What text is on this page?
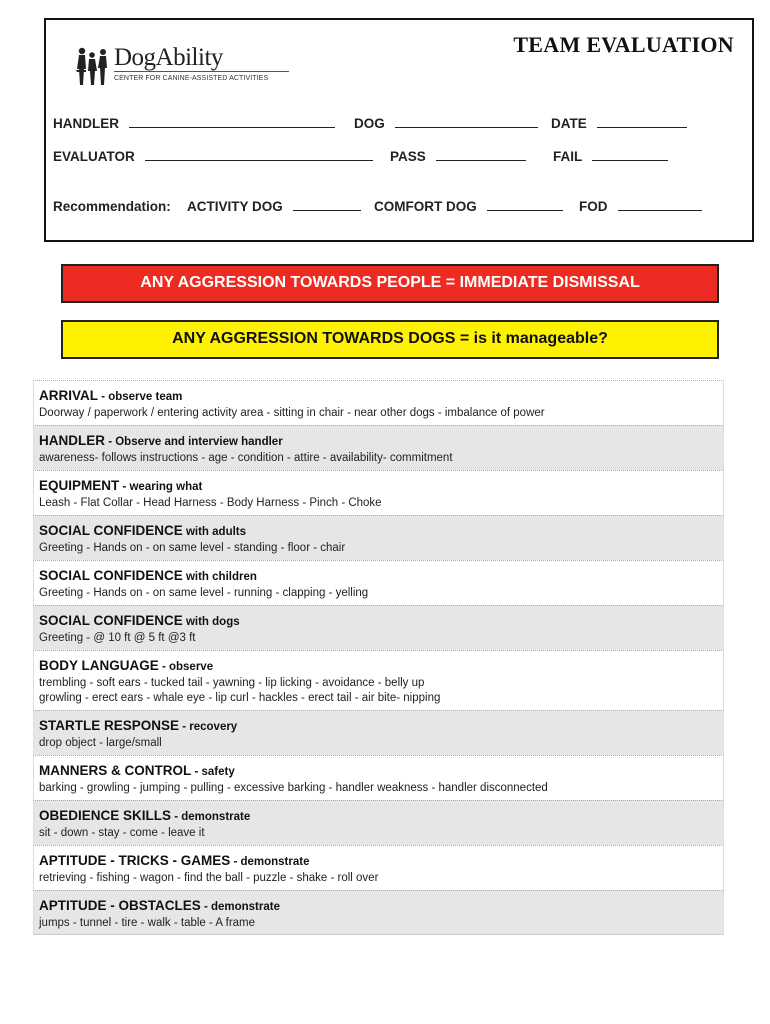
DogAbility
CENTER FOR CANINE-ASSISTED ACTIVITIES
TEAM EVALUATION
HANDLER	DOG	DATE
EVALUATOR	PASS	FAIL
Recommendation: ACTIVITY DOG	COMFORT DOG	FOD
ANY AGGRESSION TOWARDS PEOPLE = IMMEDIATE DISMISSAL
ANY AGGRESSION TOWARDS DOGS = is it manageable?
ARRIVAL - observe team
Doorway / paperwork / entering activity area - sitting in chair - near other dogs - imbalance of power
HANDLER - Observe and interview handler
awareness- follows instructions - age - condition - attire - availability- commitment
EQUIPMENT - wearing what
Leash - Flat Collar - Head Harness - Body Harness - Pinch - Choke
SOCIAL CONFIDENCE with adults
Greeting - Hands on - on same level - standing - floor - chair
SOCIAL CONFIDENCE with children
Greeting - Hands on - on same level - running - clapping - yelling
SOCIAL CONFIDENCE with dogs
Greeting - @ 10 ft @ 5 ft @3 ft
BODY LANGUAGE - observe
trembling - soft ears - tucked tail - yawning - lip licking - avoidance - belly up
growling - erect ears - whale eye - lip curl - hackles - erect tail - air bite- nipping
STARTLE RESPONSE - recovery
drop object - large/small
MANNERS & CONTROL - safety
barking - growling - jumping - pulling - excessive barking - handler weakness - handler disconnected
OBEDIENCE SKILLS - demonstrate
sit - down - stay - come - leave it
APTITUDE - TRICKS - GAMES - demonstrate
retrieving - fishing - wagon - find the ball - puzzle - shake - roll over
APTITUDE - OBSTACLES - demonstrate
jumps - tunnel - tire - walk - table - A frame
